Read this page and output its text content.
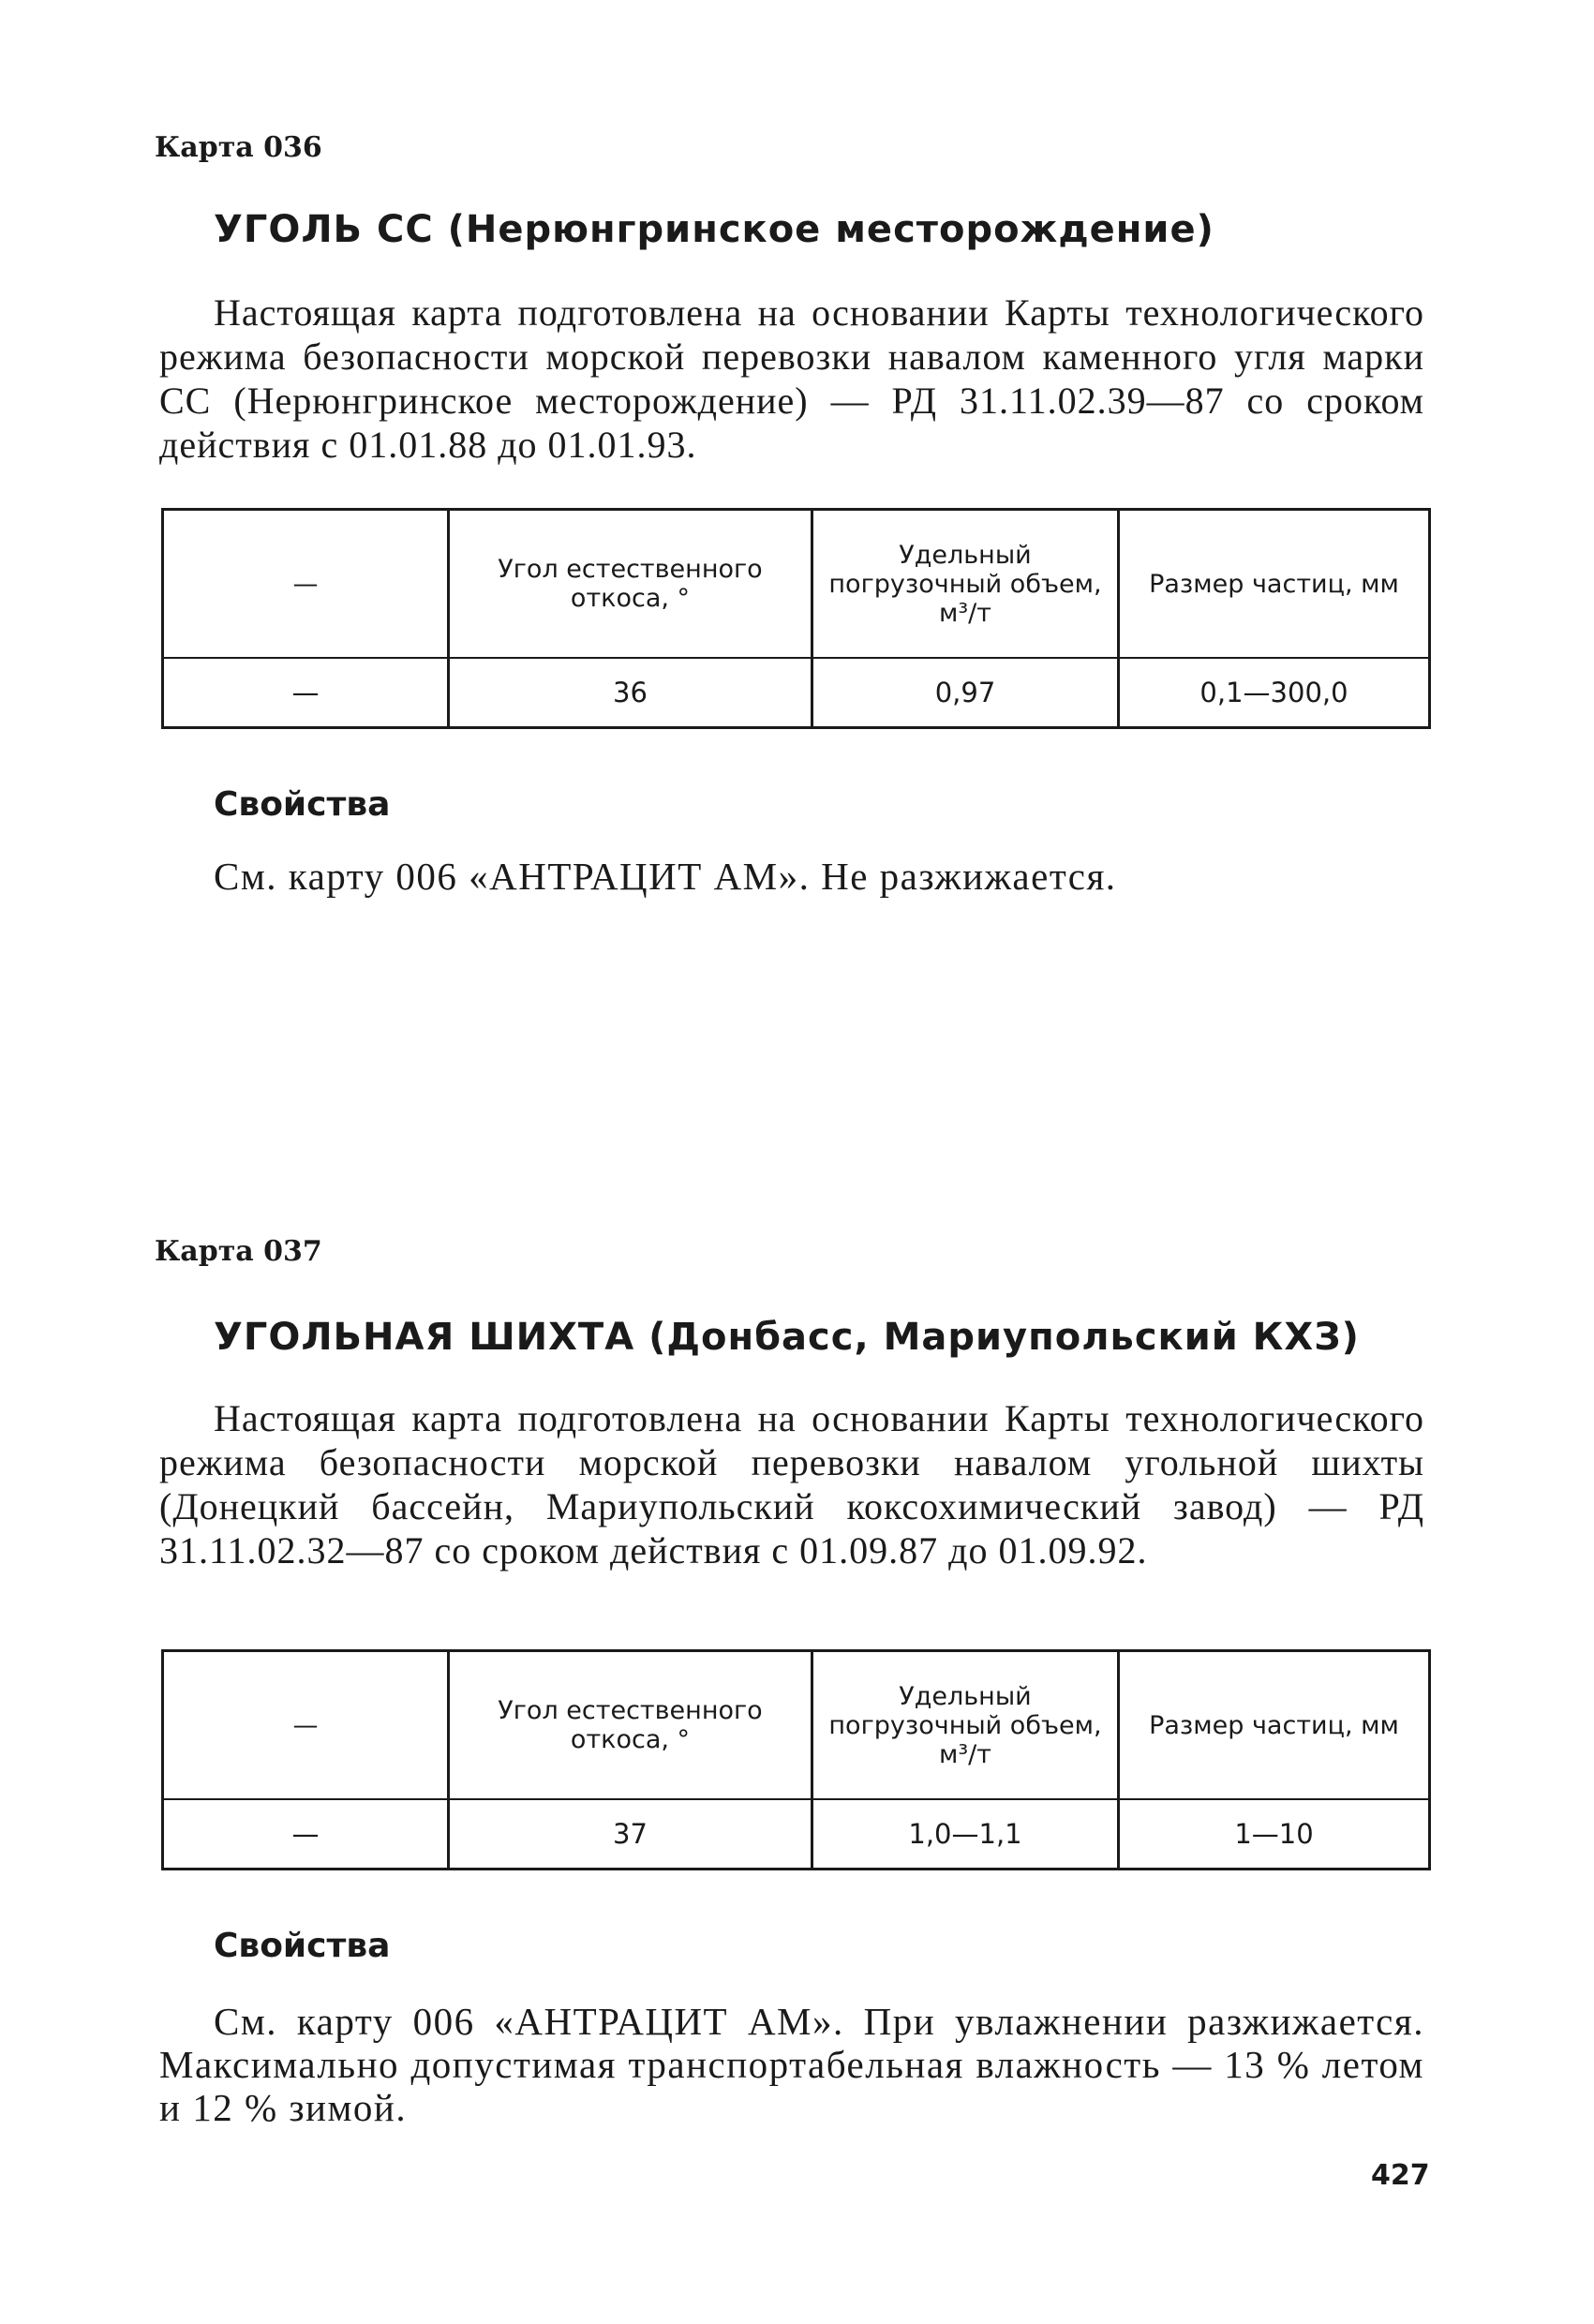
Карта 036
УГОЛЬ СС (Нерюнгринское месторождение)
Настоящая карта подготовлена на основании Карты технологического режима безопасности морской перевозки навалом каменного угля марки СС (Нерюнгринское месторождение) — РД 31.11.02.39—87 со сроком действия с 01.01.88 до 01.01.93.
—	Угол естественного откоса, °	Удельный погрузочный объем, м³/т	Размер частиц, мм
—	36	0,97	0,1—300,0
Свойства
См. карту 006 «АНТРАЦИТ АМ». Не разжижается.
Карта 037
УГОЛЬНАЯ ШИХТА (Донбасс, Мариупольский КХЗ)
Настоящая карта подготовлена на основании Карты технологического режима безопасности морской перевозки навалом угольной шихты (Донецкий бассейн, Мариупольский коксохимический завод) — РД 31.11.02.32—87 со сроком действия с 01.09.87 до 01.09.92.
—	Угол естественного откоса, °	Удельный погрузочный объем, м³/т	Размер частиц, мм
—	37	1,0—1,1	1—10
Свойства
См. карту 006 «АНТРАЦИТ АМ». При увлажнении разжижается. Максимально допустимая транспортабельная влажность — 13 % летом и 12 % зимой.
427
